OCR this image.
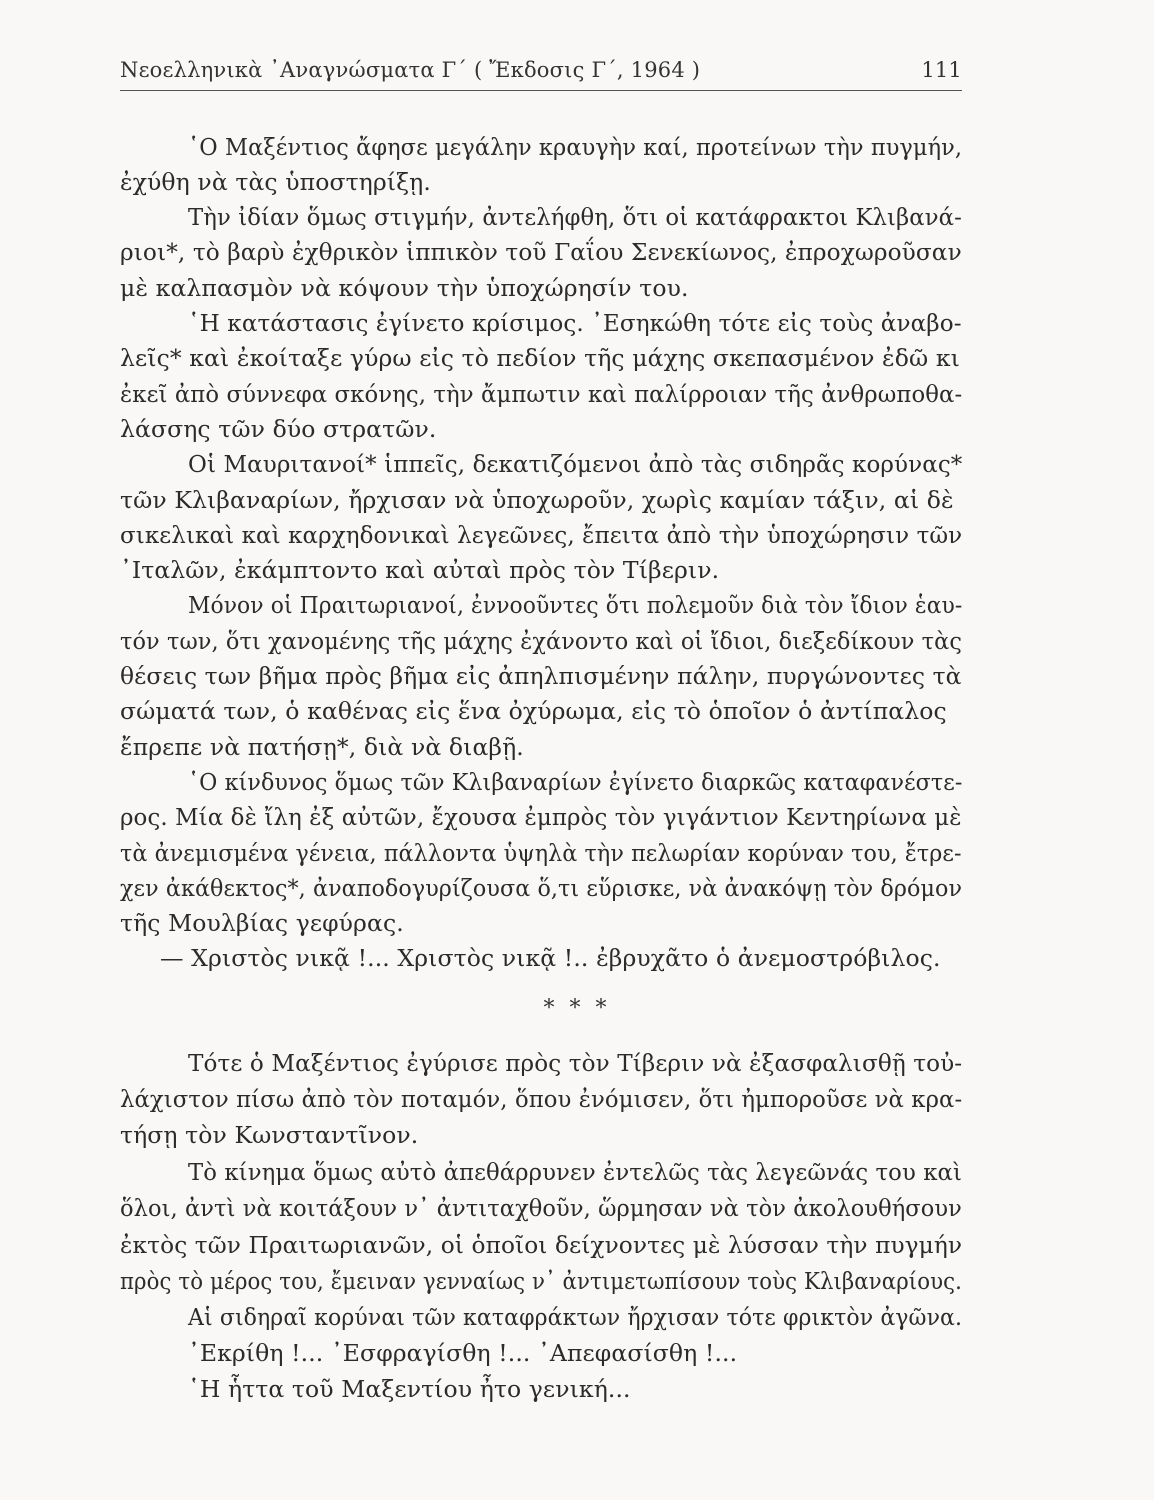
Νεοελληνικὰ ᾿Αναγνώσματα Γ΄ ( Ἔκδοσις Γ΄, 1964 )	111
῾Ο Μαξέντιος ἄφησε μεγάλην κραυγὴν καί, προτείνων τὴν πυγμήν,
ἐχύθη νὰ τὰς ὑποστηρίξῃ.
Τὴν ἰδίαν ὅμως στιγμήν, ἀντελήφθη, ὅτι οἱ κατάφρακτοι Κλιβανά-
ριοι*, τὸ βαρὺ ἐχθρικὸν ἱππικὸν τοῦ Γαΐου Σενεκίωνος, ἐπροχωροῦσαν
μὲ καλπασμὸν νὰ κόψουν τὴν ὑποχώρησίν του.
῾Η κατάστασις ἐγίνετο κρίσιμος. ᾿Εσηκώθη τότε εἰς τοὺς ἀναβο-
λεῖς* καὶ ἐκοίταξε γύρω εἰς τὸ πεδίον τῆς μάχης σκεπασμένον ἐδῶ κι
ἐκεῖ ἀπὸ σύννεφα σκόνης, τὴν ἄμπωτιν καὶ παλίρροιαν τῆς ἀνθρωποθα-
λάσσης τῶν δύο στρατῶν.
Οἱ Μαυριτανοί* ἱππεῖς, δεκατιζόμενοι ἀπὸ τὰς σιδηρᾶς κορύνας*
τῶν Κλιβαναρίων, ἤρχισαν νὰ ὑποχωροῦν, χωρὶς καμίαν τάξιν, αἱ δὲ
σικελικαὶ καὶ καρχηδονικαὶ λεγεῶνες, ἔπειτα ἀπὸ τὴν ὑποχώρησιν τῶν
᾿Ιταλῶν, ἐκάμπτοντο καὶ αὐταὶ πρὸς τὸν Τίβεριν.
Μόνον οἱ Πραιτωριανοί, ἐννοοῦντες ὅτι πολεμοῦν διὰ τὸν ἴδιον ἑαυ-
τόν των, ὅτι χανομένης τῆς μάχης ἐχάνοντο καὶ οἱ ἴδιοι, διεξεδίκουν τὰς
θέσεις των βῆμα πρὸς βῆμα εἰς ἀπηλπισμένην πάλην, πυργώνοντες τὰ
σώματά των, ὁ καθένας εἰς ἕνα ὀχύρωμα, εἰς τὸ ὁποῖον ὁ ἀντίπαλος
ἔπρεπε νὰ πατήσῃ*, διὰ νὰ διαβῇ.
῾Ο κίνδυνος ὅμως τῶν Κλιβαναρίων ἐγίνετο διαρκῶς καταφανέστε-
ρος. Μία δὲ ἴλη ἐξ αὐτῶν, ἔχουσα ἐμπρὸς τὸν γιγάντιον Κεντηρίωνα μὲ
τὰ ἀνεμισμένα γένεια, πάλλοντα ὑψηλὰ τὴν πελωρίαν κορύναν του, ἔτρε-
χεν ἀκάθεκτος*, ἀναποδογυρίζουσα ὅ,τι εὕρισκε, νὰ ἀνακόψῃ τὸν δρόμον
τῆς Μουλβίας γεφύρας.
— Χριστὸς νικᾷ !... Χριστὸς νικᾷ !.. ἐβρυχᾶτο ὁ ἀνεμοστρόβιλος.
* * *
Τότε ὁ Μαξέντιος ἐγύρισε πρὸς τὸν Τίβεριν νὰ ἐξασφαλισθῇ τοὐ-
λάχιστον πίσω ἀπὸ τὸν ποταμόν, ὅπου ἐνόμισεν, ὅτι ἠμποροῦσε νὰ κρα-
τήσῃ τὸν Κωνσταντῖνον.
Τὸ κίνημα ὅμως αὐτὸ ἀπεθάρρυνεν ἐντελῶς τὰς λεγεῶνάς του καὶ
ὅλοι, ἀντὶ νὰ κοιτάξουν ν᾿ ἀντιταχθοῦν, ὥρμησαν νὰ τὸν ἀκολουθήσουν
ἐκτὸς τῶν Πραιτωριανῶν, οἱ ὁποῖοι δείχνοντες μὲ λύσσαν τὴν πυγμήν
πρὸς τὸ μέρος του, ἔμειναν γενναίως ν᾿ ἀντιμετωπίσουν τοὺς Κλιβαναρίους.
Αἱ σιδηραῖ κορύναι τῶν καταφράκτων ἤρχισαν τότε φρικτὸν ἀγῶνα.
᾿Εκρίθη !... ᾿Εσφραγίσθη !... ᾿Απεφασίσθη !...
῾Η ἧττα τοῦ Μαξεντίου ἦτο γενική...
